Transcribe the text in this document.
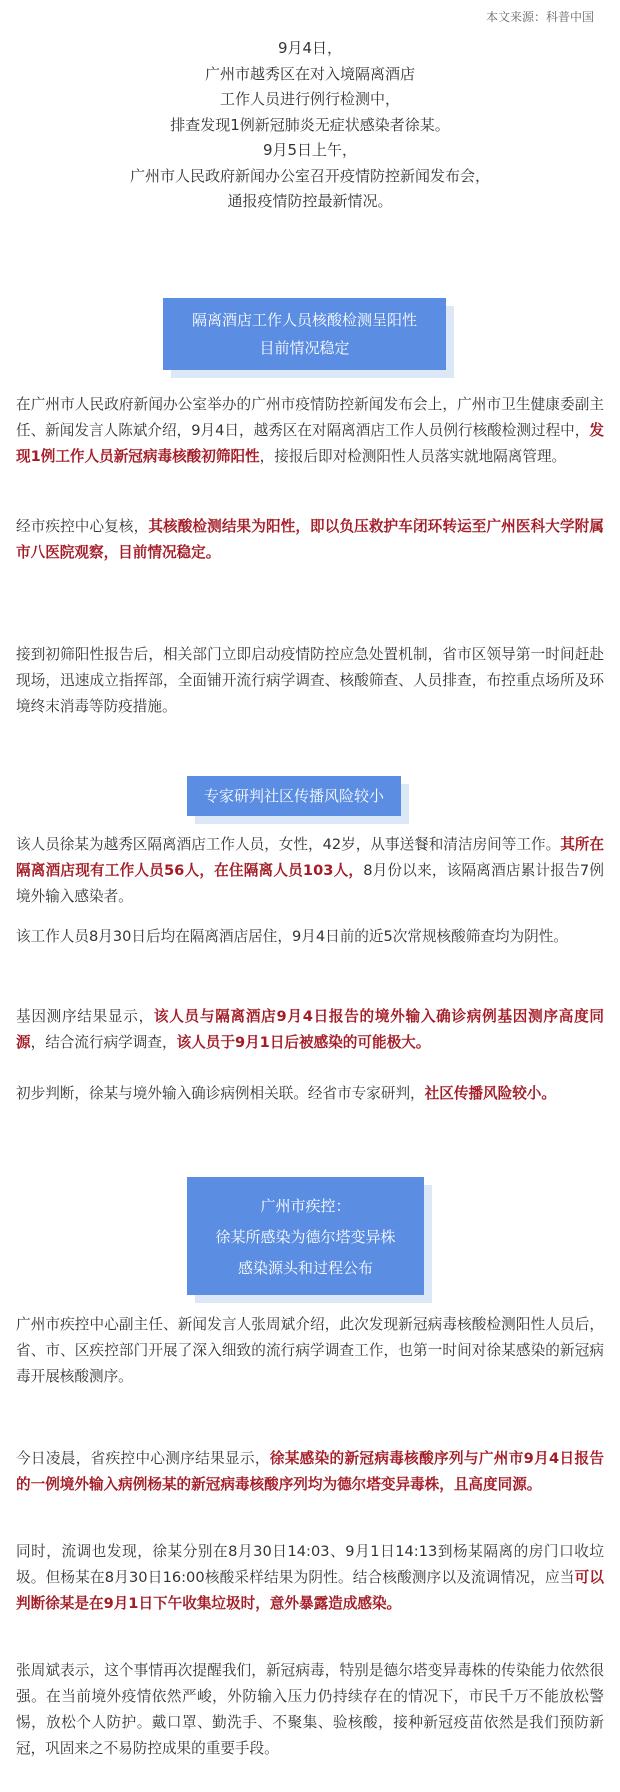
本文来源：科普中国
9月4日，
广州市越秀区在对入境隔离酒店
工作人员进行例行检测中，
排查发现1例新冠肺炎无症状感染者徐某。
9月5日上午，
广州市人民政府新闻办公室召开疫情防控新闻发布会，
通报疫情防控最新情况。
隔离酒店工作人员核酸检测呈阳性
目前情况稳定
在广州市人民政府新闻办公室举办的广州市疫情防控新闻发布会上，广州市卫生健康委副主任、新闻发言人陈斌介绍，9月4日，越秀区在对隔离酒店工作人员例行核酸检测过程中，发现1例工作人员新冠病毒核酸初筛阳性，接报后即对检测阳性人员落实就地隔离管理。
经市疾控中心复核，其核酸检测结果为阳性，即以负压救护车闭环转运至广州医科大学附属市八医院观察，目前情况稳定。
接到初筛阳性报告后，相关部门立即启动疫情防控应急处置机制，省市区领导第一时间赶赴现场，迅速成立指挥部，全面铺开流行病学调查、核酸筛查、人员排查，布控重点场所及环境终末消毒等防疫措施。
专家研判社区传播风险较小
该人员徐某为越秀区隔离酒店工作人员，女性，42岁，从事送餐和清洁房间等工作。其所在隔离酒店现有工作人员56人，在住隔离人员103人，8月份以来，该隔离酒店累计报告7例境外输入感染者。
该工作人员8月30日后均在隔离酒店居住，9月4日前的近5次常规核酸筛查均为阴性。
基因测序结果显示，该人员与隔离酒店9月4日报告的境外输入确诊病例基因测序高度同源，结合流行病学调查，该人员于9月1日后被感染的可能极大。
初步判断，徐某与境外输入确诊病例相关联。经省市专家研判，社区传播风险较小。
广州市疾控：
徐某所感染为德尔塔变异株
感染源头和过程公布
广州市疾控中心副主任、新闻发言人张周斌介绍，此次发现新冠病毒核酸检测阳性人员后，省、市、区疾控部门开展了深入细致的流行病学调查工作，也第一时间对徐某感染的新冠病毒开展核酸测序。
今日凌晨，省疾控中心测序结果显示，徐某感染的新冠病毒核酸序列与广州市9月4日报告的一例境外输入病例杨某的新冠病毒核酸序列均为德尔塔变异毒株，且高度同源。
同时，流调也发现，徐某分别在8月30日14:03、9月1日14:13到杨某隔离的房门口收垃圾。但杨某在8月30日16:00核酸采样结果为阴性。结合核酸测序以及流调情况，应当可以判断徐某是在9月1日下午收集垃圾时，意外暴露造成感染。
张周斌表示，这个事情再次提醒我们，新冠病毒，特别是德尔塔变异毒株的传染能力依然很强。在当前境外疫情依然严峻，外防输入压力仍持续存在的情况下，市民千万不能放松警惕，放松个人防护。戴口罩、勤洗手、不聚集、验核酸，接种新冠疫苗依然是我们预防新冠，巩固来之不易防控成果的重要手段。
